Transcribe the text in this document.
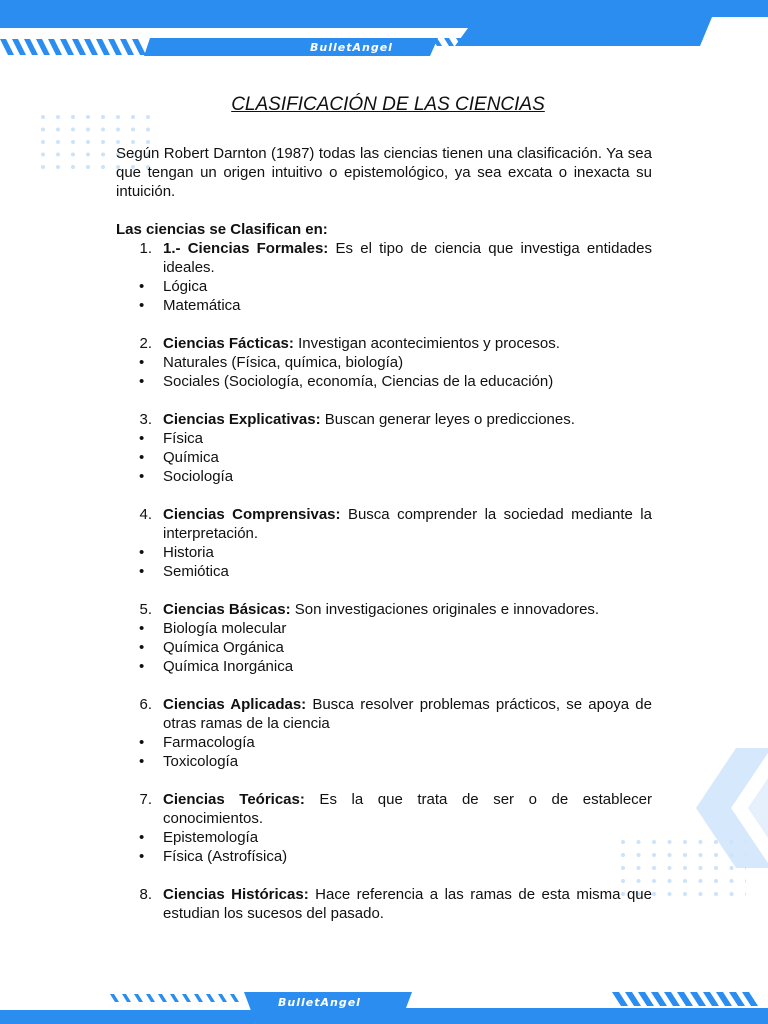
BulletAngel
BulletAngel
CLASIFICACIÓN DE LAS CIENCIAS

Según Robert Darnton (1987) todas las ciencias tienen una clasificación. Ya sea que tengan un origen intuitivo o epistemológico, ya sea excata o inexacta su intuición.

Las ciencias se Clasifican en:

1. 1.- Ciencias Formales: Es el tipo de ciencia que investiga entidades ideales.
•	Lógica
•	Matemática
2. Ciencias Fácticas: Investigan acontecimientos y procesos.
•	Naturales (Física, química, biología)
•	Sociales (Sociología, economía, Ciencias de la educación)
3. Ciencias Explicativas: Buscan generar leyes o predicciones.
•	Física
•	Química
•	Sociología
4. Ciencias Comprensivas: Busca comprender la sociedad mediante la interpretación.
•	Historia
•	Semiótica
5. Ciencias Básicas: Son investigaciones originales e innovadores.
•	Biología molecular
•	Química Orgánica
•	Química Inorgánica
6. Ciencias Aplicadas: Busca resolver problemas prácticos, se apoya de otras ramas de la ciencia
•	Farmacología
•	Toxicología
7. Ciencias Teóricas: Es la que trata de ser o de establecer conocimientos.
•	Epistemología
•	Física (Astrofísica)
8. Ciencias Históricas: Hace referencia a las ramas de esta misma que estudian los sucesos del pasado.
